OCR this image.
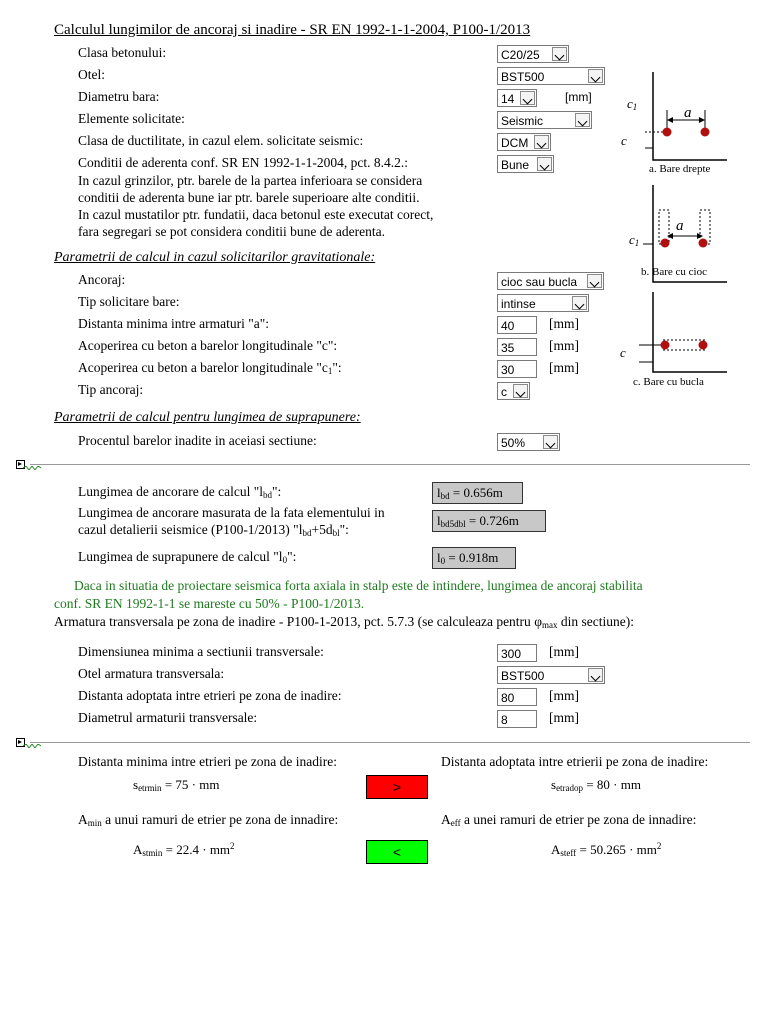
Calculul lungimilor de ancoraj si inadire - SR EN 1992-1-1-2004, P100-1/2013
Clasa betonului:	C20/25
Otel:	BST500
Diametru bara:	14	[mm]
Elemente solicitate:	Seismic
Clasa de ductilitate, in cazul elem. solicitate seismic:	DCM
Conditii de aderenta conf. SR EN 1992-1-1-2004, pct. 8.4.2.:	Bune
In cazul grinzilor, ptr. barele de la partea inferioara se considera
conditii de aderenta bune iar ptr. barele superioare alte conditii.
In cazul mustatilor ptr. fundatii, daca betonul este executat corect,
fara segregari se pot considera conditii bune de aderenta.
Parametrii de calcul in cazul solicitarilor gravitationale:
Ancoraj:	cioc sau bucla
Tip solicitare bare:	intinse
Distanta minima intre armaturi "a":	40	[mm]
Acoperirea cu beton a barelor longitudinale "c":	35	[mm]
Acoperirea cu beton a barelor longitudinale "$c_1$":	30	[mm]
Tip ancoraj:	c
Parametrii de calcul pentru lungimea de suprapunere:
Procentul barelor inadite in aceiasi sectiune:	50%
$c_1$
c
a
a. Bare drepte
$c_1$
a
b. Bare cu cioc
c
c. Bare cu bucla
Lungimea de ancorare de calcul "$l_{bd}$":	$l_{bd} = 0.656m$
Lungimea de ancorare masurata de la fata elementului in
cazul detalierii seismice (P100-1/2013) "$l_{bd}+5d_{bl}$":
$l_{bd5dbl} = 0.726m$
Lungimea de suprapunere de calcul "$l_0$":	$l_0 = 0.918m$
Daca in situatia de proiectare seismica forta axiala in stalp este de intindere, lungimea de ancoraj stabilita
conf. SR EN 1992-1-1 se mareste cu 50% - P100-1/2013.
Armatura transversala pe zona de inadire - P100-1-2013, pct. 5.7.3 (se calculeaza pentru $\varphi_{max}$ din sectiune):
Dimensiunea minima a sectiunii transversale:	300	[mm]
Otel armatura transversala:	BST500
Distanta adoptata intre etrieri pe zona de inadire:	80	[mm]
Diametrul armaturii transversale:	8	[mm]
Distanta minima intre etrieri pe zona de inadire:	Distanta adoptata intre etrierii pe zona de inadire:
$s_{etrmin} = 75$ · mm	>	$s_{etradop} = 80$ · mm
$A_{min}$ a unui ramuri de etrier pe zona de innadire:	$A_{eff}$ a unei ramuri de etrier pe zona de innadire:
$A_{stmin} = 22.4 \cdot mm^2$	<	$A_{steff} = 50.265 \cdot mm^2$
